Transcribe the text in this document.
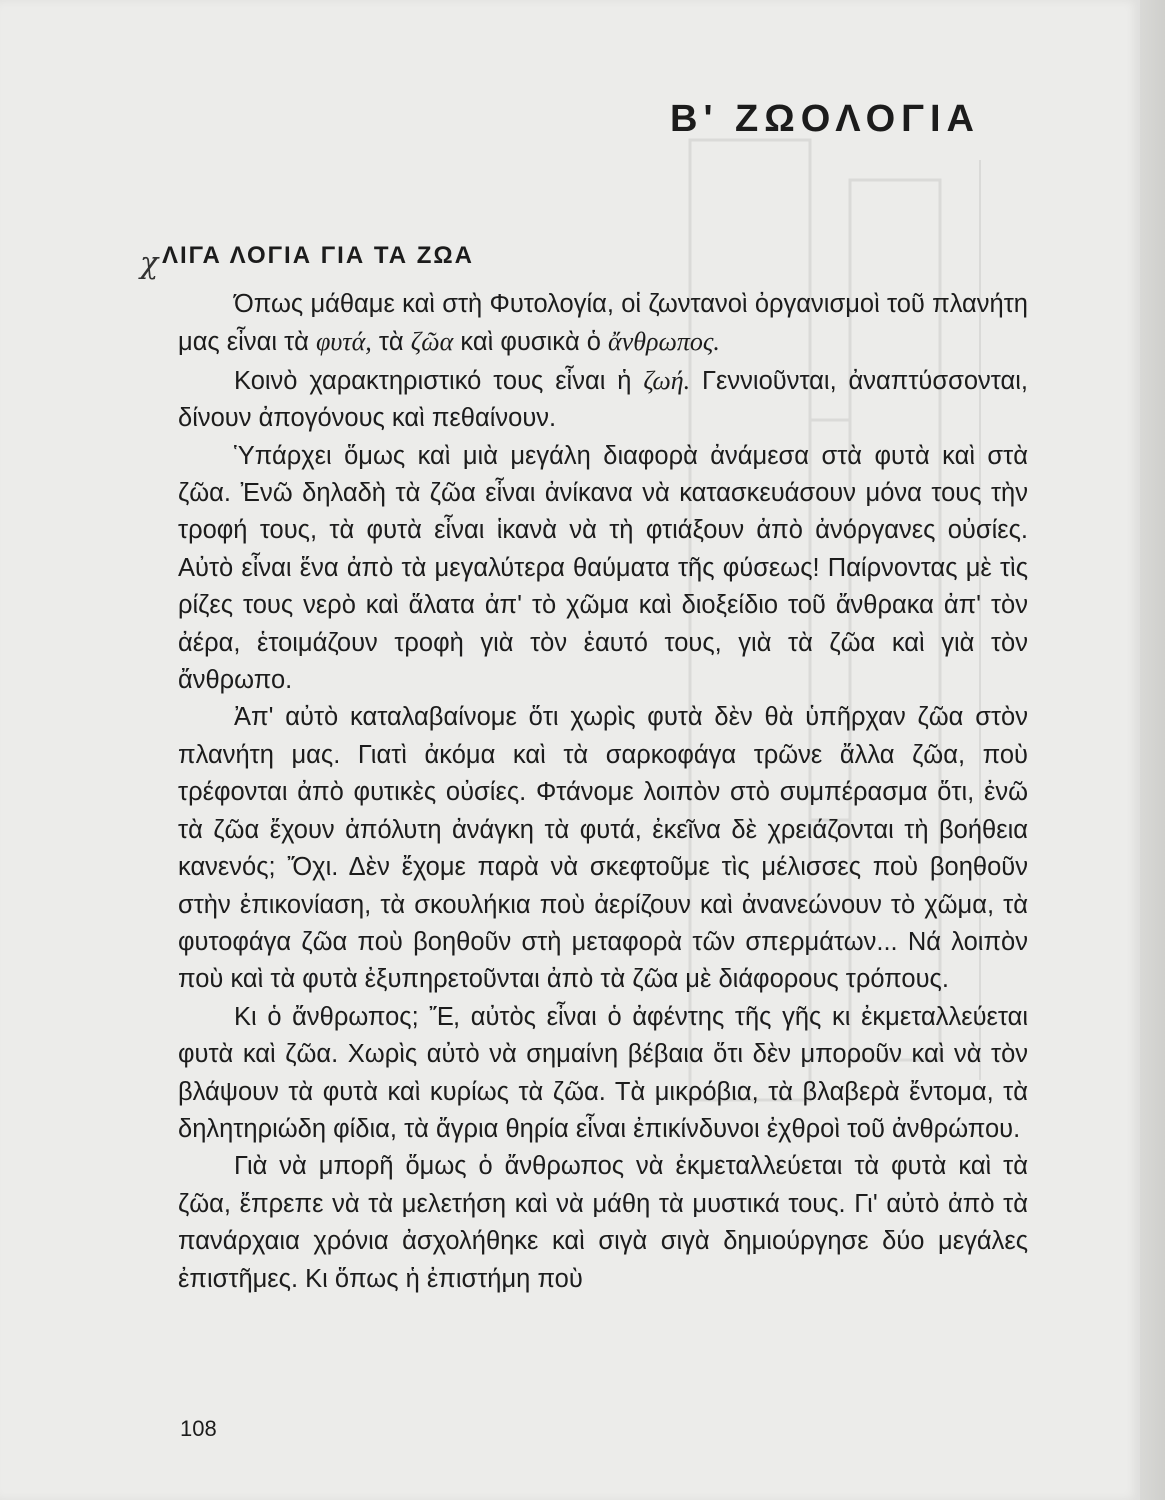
Β' ΖΩΟΛΟΓΙΑ
χ ΛΙΓΑ ΛΟΓΙΑ ΓΙΑ ΤΑ ΖΩΑ

Όπως μάθαμε καὶ στὴ Φυτολογία, οἱ ζωντανοὶ ὀργανισμοὶ τοῦ πλανήτη μας εἶναι τὰ φυτά, τὰ ζῶα καὶ φυσικὰ ὁ ἄνθρωπος.

Κοινὸ χαρακτηριστικό τους εἶναι ἡ ζωή. Γεννιοῦνται, ἀναπτύσσονται, δίνουν ἀπογόνους καὶ πεθαίνουν.

Ὑπάρχει ὅμως καὶ μιὰ μεγάλη διαφορὰ ἀνάμεσα στὰ φυτὰ καὶ στὰ ζῶα. Ἐνῶ δηλαδὴ τὰ ζῶα εἶναι ἀνίκανα νὰ κατασκευάσουν μόνα τους τὴν τροφή τους, τὰ φυτὰ εἶναι ἱκανὰ νὰ τὴ φτιάξουν ἀπὸ ἀνόργανες οὐσίες. Αὐτὸ εἶναι ἕνα ἀπὸ τὰ μεγαλύτερα θαύματα τῆς φύσεως! Παίρνοντας μὲ τὶς ρίζες τους νερὸ καὶ ἅλατα ἀπ' τὸ χῶμα καὶ διοξείδιο τοῦ ἄνθρακα ἀπ' τὸν ἀέρα, ἑτοιμάζουν τροφὴ γιὰ τὸν ἑαυτό τους, γιὰ τὰ ζῶα καὶ γιὰ τὸν ἄνθρωπο.

Ἀπ' αὐτὸ καταλαβαίνομε ὅτι χωρὶς φυτὰ δὲν θὰ ὑπῆρχαν ζῶα στὸν πλανήτη μας. Γιατὶ ἀκόμα καὶ τὰ σαρκοφάγα τρῶνε ἄλλα ζῶα, ποὺ τρέφονται ἀπὸ φυτικὲς οὐσίες. Φτάνομε λοιπὸν στὸ συμπέρασμα ὅτι, ἐνῶ τὰ ζῶα ἔχουν ἀπόλυτη ἀνάγκη τὰ φυτά, ἐκεῖνα δὲ χρειάζονται τὴ βοήθεια κανενός; Ὄχι. Δὲν ἔχομε παρὰ νὰ σκεφτοῦμε τὶς μέλισσες ποὺ βοηθοῦν στὴν ἐπικονίαση, τὰ σκουλήκια ποὺ ἀερίζουν καὶ ἀνανεώνουν τὸ χῶμα, τὰ φυτοφάγα ζῶα ποὺ βοηθοῦν στὴ μεταφορὰ τῶν σπερμάτων... Νά λοιπὸν ποὺ καὶ τὰ φυτὰ ἐξυπηρετοῦνται ἀπὸ τὰ ζῶα μὲ διάφορους τρόπους.

Κι ὁ ἄνθρωπος; Ἔ, αὐτὸς εἶναι ὁ ἀφέντης τῆς γῆς κι ἐκμεταλλεύεται φυτὰ καὶ ζῶα. Χωρὶς αὐτὸ νὰ σημαίνη βέβαια ὅτι δὲν μποροῦν καὶ νὰ τὸν βλάψουν τὰ φυτὰ καὶ κυρίως τὰ ζῶα. Τὰ μικρόβια, τὰ βλαβερὰ ἔντομα, τὰ δηλητηριώδη φίδια, τὰ ἄγρια θηρία εἶναι ἐπικίνδυνοι ἐχθροὶ τοῦ ἀνθρώπου.

Γιὰ νὰ μπορῆ ὅμως ὁ ἄνθρωπος νὰ ἐκμεταλλεύεται τὰ φυτὰ καὶ τὰ ζῶα, ἔπρεπε νὰ τὰ μελετήση καὶ νὰ μάθη τὰ μυστικά τους. Γι' αὐτὸ ἀπὸ τὰ πανάρχαια χρόνια ἀσχολήθηκε καὶ σιγὰ σιγὰ δημιούργησε δύο μεγάλες ἐπιστῆμες. Κι ὅπως ἡ ἐπιστήμη ποὺ

108
